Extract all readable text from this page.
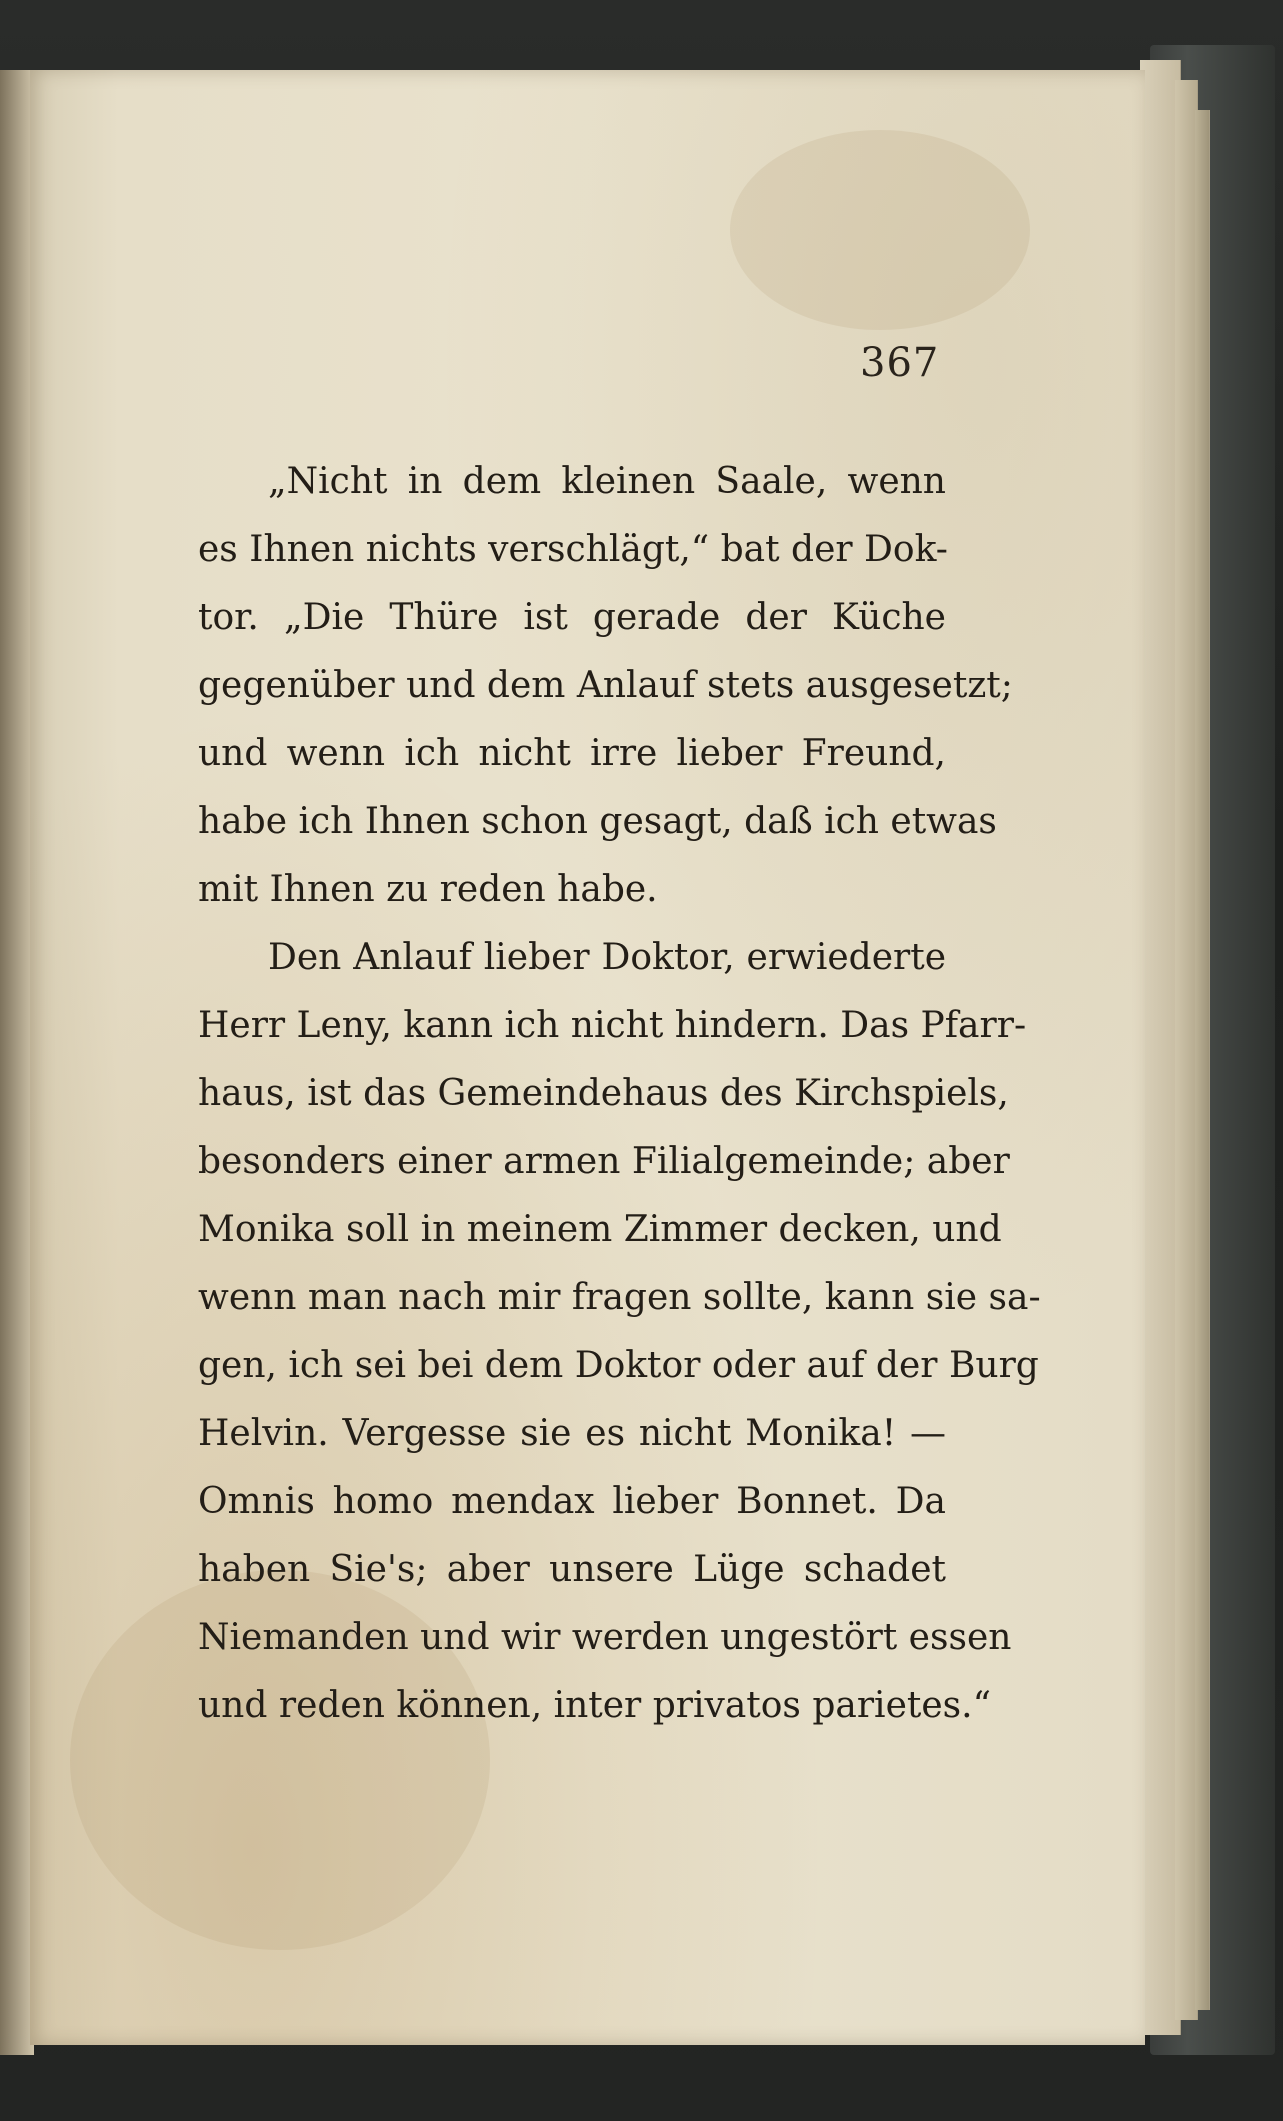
367
„Nicht in dem kleinen Saale, wenn
es Ihnen nichts verschlägt,“ bat der Dok-
tor. „Die Thüre ist gerade der Küche
gegenüber und dem Anlauf stets ausgesetzt;
und wenn ich nicht irre lieber Freund,
habe ich Ihnen schon gesagt, daß ich etwas
mit Ihnen zu reden habe.
Den Anlauf lieber Doktor, erwiederte
Herr Leny, kann ich nicht hindern. Das Pfarr-
haus, ist das Gemeindehaus des Kirchspiels,
besonders einer armen Filialgemeinde; aber
Monika soll in meinem Zimmer decken, und
wenn man nach mir fragen sollte, kann sie sa-
gen, ich sei bei dem Doktor oder auf der Burg
Helvin. Vergesse sie es nicht Monika! —
Omnis homo mendax lieber Bonnet. Da
haben Sie's; aber unsere Lüge schadet
Niemanden und wir werden ungestört essen
und reden können, inter privatos parietes.“
